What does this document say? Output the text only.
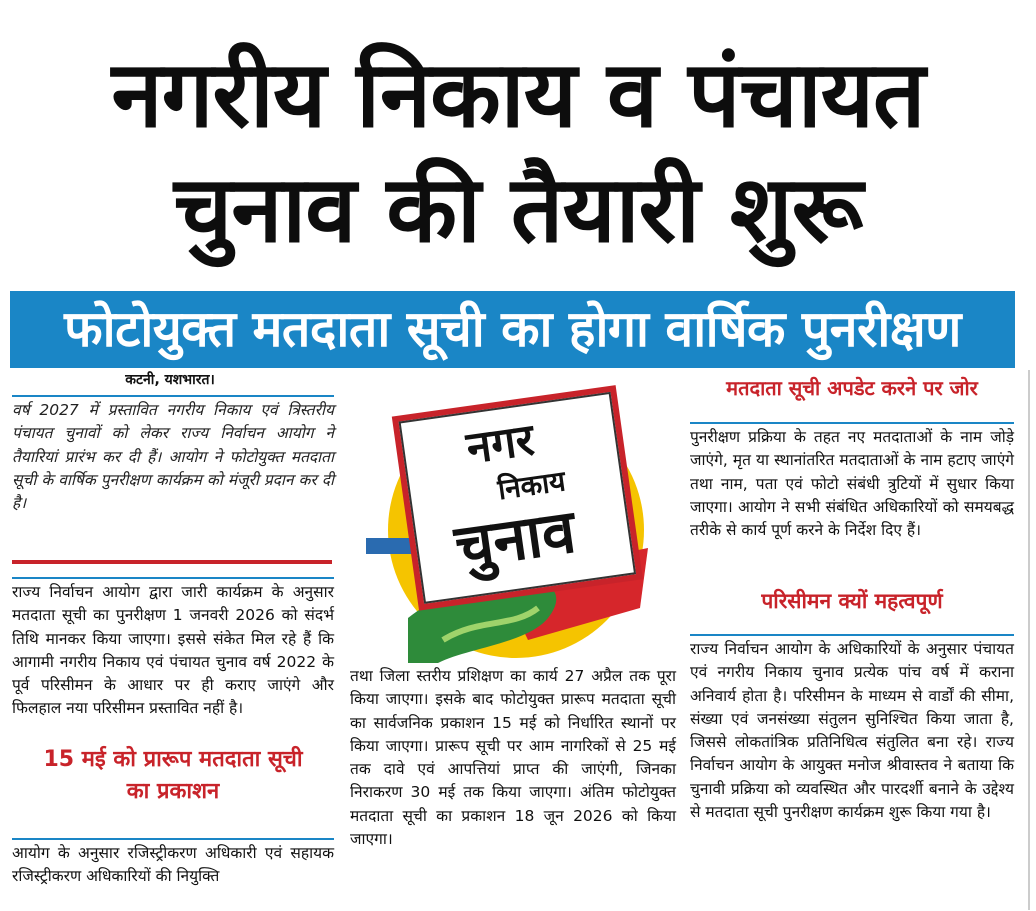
नगरीय निकाय व पंचायत
चुनाव की तैयारी शुरू
फोटोयुक्त मतदाता सूची का होगा वार्षिक पुनरीक्षण
कटनी, यशभारत।
वर्ष 2027 में प्रस्तावित नगरीय निकाय एवं त्रिस्तरीय पंचायत चुनावों को लेकर राज्य निर्वाचन आयोग ने तैयारियां प्रारंभ कर दी हैं। आयोग ने फोटोयुक्त मतदाता सूची के वार्षिक पुनरीक्षण कार्यक्रम को मंजूरी प्रदान कर दी है।
राज्य निर्वाचन आयोग द्वारा जारी कार्यक्रम के अनुसार मतदाता सूची का पुनरीक्षण 1 जनवरी 2026 को संदर्भ तिथि मानकर किया जाएगा। इससे संकेत मिल रहे हैं कि आगामी नगरीय निकाय एवं पंचायत चुनाव वर्ष 2022 के पूर्व परिसीमन के आधार पर ही कराए जाएंगे और फिलहाल नया परिसीमन प्रस्तावित नहीं है।
15 मई को प्रारूप मतदाता सूची का प्रकाशन
आयोग के अनुसार रजिस्ट्रीकरण अधिकारी एवं सहायक रजिस्ट्रीकरण अधिकारियों की नियुक्ति
नगर
निकाय
चुनाव
तथा जिला स्तरीय प्रशिक्षण का कार्य 27 अप्रैल तक पूरा किया जाएगा। इसके बाद फोटोयुक्त प्रारूप मतदाता सूची का सार्वजनिक प्रकाशन 15 मई को निर्धारित स्थानों पर किया जाएगा। प्रारूप सूची पर आम नागरिकों से 25 मई तक दावे एवं आपत्तियां प्राप्त की जाएंगी, जिनका निराकरण 30 मई तक किया जाएगा। अंतिम फोटोयुक्त मतदाता सूची का प्रकाशन 18 जून 2026 को किया जाएगा।
मतदाता सूची अपडेट करने पर जोर
पुनरीक्षण प्रक्रिया के तहत नए मतदाताओं के नाम जोड़े जाएंगे, मृत या स्थानांतरित मतदाताओं के नाम हटाए जाएंगे तथा नाम, पता एवं फोटो संबंधी त्रुटियों में सुधार किया जाएगा। आयोग ने सभी संबंधित अधिकारियों को समयबद्ध तरीके से कार्य पूर्ण करने के निर्देश दिए हैं।
परिसीमन क्यों महत्वपूर्ण
राज्य निर्वाचन आयोग के अधिकारियों के अनुसार पंचायत एवं नगरीय निकाय चुनाव प्रत्येक पांच वर्ष में कराना अनिवार्य होता है। परिसीमन के माध्यम से वार्डों की सीमा, संख्या एवं जनसंख्या संतुलन सुनिश्चित किया जाता है, जिससे लोकतांत्रिक प्रतिनिधित्व संतुलित बना रहे। राज्य निर्वाचन आयोग के आयुक्त मनोज श्रीवास्तव ने बताया कि चुनावी प्रक्रिया को व्यवस्थित और पारदर्शी बनाने के उद्देश्य से मतदाता सूची पुनरीक्षण कार्यक्रम शुरू किया गया है।
